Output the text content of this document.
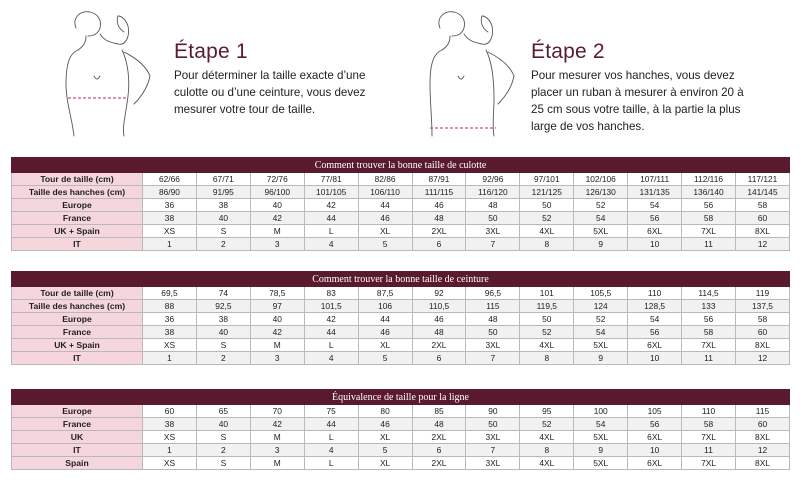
Étape 1
Pour déterminer la taille exacte d’une
culotte ou d’une ceinture, vous devez
mesurer votre tour de taille.
Étape 2
Pour mesurer vos hanches, vous devez
placer un ruban à mesurer à environ 20 à
25 cm sous votre taille, à la partie la plus
large de vos hanches.
Comment trouver la bonne taille de culotte												
Tour de taille (cm)	62/66	67/71	72/76	77/81	82/86	87/91	92/96	97/101	102/106	107/111	112/116	117/121
Taille des hanches (cm)	86/90	91/95	96/100	101/105	106/110	111/115	116/120	121/125	126/130	131/135	136/140	141/145
Europe	36	38	40	42	44	46	48	50	52	54	56	58
France	38	40	42	44	46	48	50	52	54	56	58	60
UK + Spain	XS	S	M	L	XL	2XL	3XL	4XL	5XL	6XL	7XL	8XL
IT	1	2	3	4	5	6	7	8	9	10	11	12
Comment trouver la bonne taille de ceinture												
Tour de taille (cm)	69,5	74	78,5	83	87,5	92	96,5	101	105,5	110	114,5	119
Taille des hanches (cm)	88	92,5	97	101,5	106	110,5	115	119,5	124	128,5	133	137,5
Europe	36	38	40	42	44	46	48	50	52	54	56	58
France	38	40	42	44	46	48	50	52	54	56	58	60
UK + Spain	XS	S	M	L	XL	2XL	3XL	4XL	5XL	6XL	7XL	8XL
IT	1	2	3	4	5	6	7	8	9	10	11	12
Équivalence de taille pour la ligne												
Europe	60	65	70	75	80	85	90	95	100	105	110	115
France	38	40	42	44	46	48	50	52	54	56	58	60
UK	XS	S	M	L	XL	2XL	3XL	4XL	5XL	6XL	7XL	8XL
IT	1	2	3	4	5	6	7	8	9	10	11	12
Spain	XS	S	M	L	XL	2XL	3XL	4XL	5XL	6XL	7XL	8XL
